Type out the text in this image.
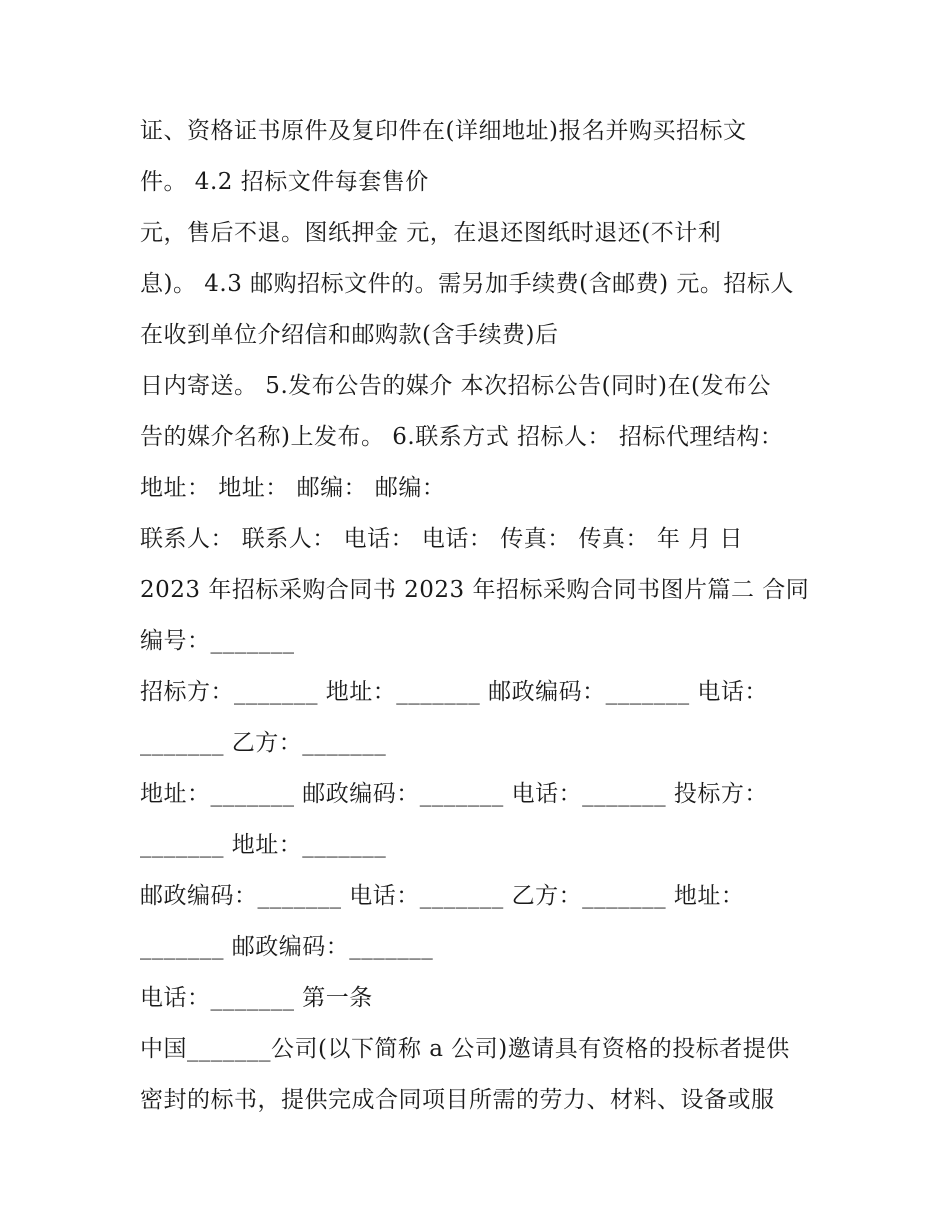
证、资格证书原件及复印件在(详细地址)报名并购买招标文
件。 4.2 招标文件每套售价
元，售后不退。图纸押金 元，在退还图纸时退还(不计利
息)。 4.3 邮购招标文件的。需另加手续费(含邮费) 元。招标人
在收到单位介绍信和邮购款(含手续费)后
日内寄送。 5.发布公告的媒介 本次招标公告(同时)在(发布公
告的媒介名称)上发布。 6.联系方式 招标人： 招标代理结构：
地址： 地址： 邮编： 邮编：
联系人： 联系人： 电话： 电话： 传真： 传真： 年 月 日
2023 年招标采购合同书 2023 年招标采购合同书图片篇二 合同
编号：_______
招标方：_______ 地址：_______ 邮政编码：_______ 电话：
_______ 乙方：_______
地址：_______ 邮政编码：_______ 电话：_______ 投标方：
_______ 地址：_______
邮政编码：_______ 电话：_______ 乙方：_______ 地址：
_______ 邮政编码：_______
电话：_______ 第一条
中国_______公司(以下简称 a 公司)邀请具有资格的投标者提供
密封的标书，提供完成合同项目所需的劳力、材料、设备或服
